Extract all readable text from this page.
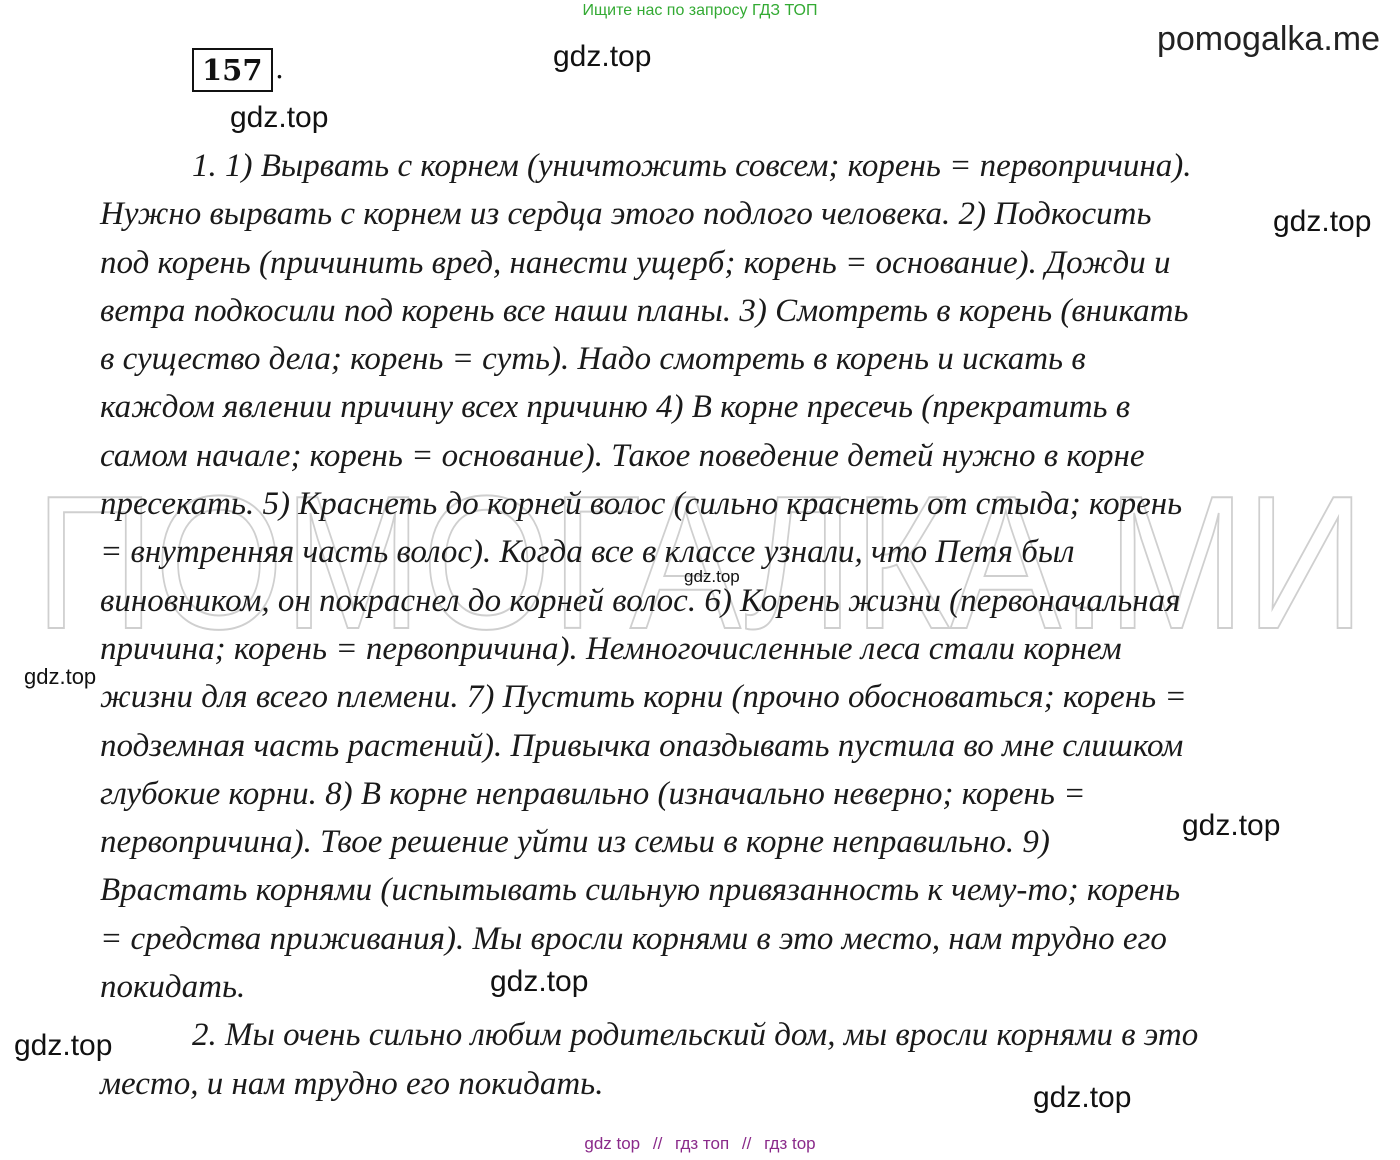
Ищите нас по запросу ГДЗ ТОП
pomogalka.me
157 .
ПОМОГАЛКА.МИ
1. 1) Вырвать с корнем (уничтожить совсем; корень = первопричина).
Нужно вырвать с корнем из сердца этого подлого человека. 2) Подкосить
под корень (причинить вред, нанести ущерб; корень = основание). Дожди и
ветра подкосили под корень все наши планы. 3) Смотреть в корень (вникать
в существо дела; корень = суть). Надо смотреть в корень и искать в
каждом явлении причину всех причиню 4) В корне пресечь (прекратить в
самом начале; корень = основание). Такое поведение детей нужно в корне
пресекать. 5) Краснеть до корней волос (сильно краснеть от стыда; корень
= внутренняя часть волос). Когда все в классе узнали, что Петя был
виновником, он покраснел до корней волос. 6) Корень жизни (первоначальная
причина; корень = первопричина). Немногочисленные леса стали корнем
жизни для всего племени. 7) Пустить корни (прочно обосноваться; корень =
подземная часть растений). Привычка опаздывать пустила во мне слишком
глубокие корни. 8) В корне неправильно (изначально неверно; корень =
первопричина). Твое решение уйти из семьи в корне неправильно. 9)
Врастать корнями (испытывать сильную привязанность к чему-то; корень
= средства приживания). Мы вросли корнями в это место, нам трудно его
покидать.
2. Мы очень сильно любим родительский дом, мы вросли корнями в это
место, и нам трудно его покидать.
gdz.top
gdz.top
gdz.top
gdz.top
gdz.top
gdz.top
gdz.top
gdz.top
gdz.top
gdz top // гдз топ // гдз top
